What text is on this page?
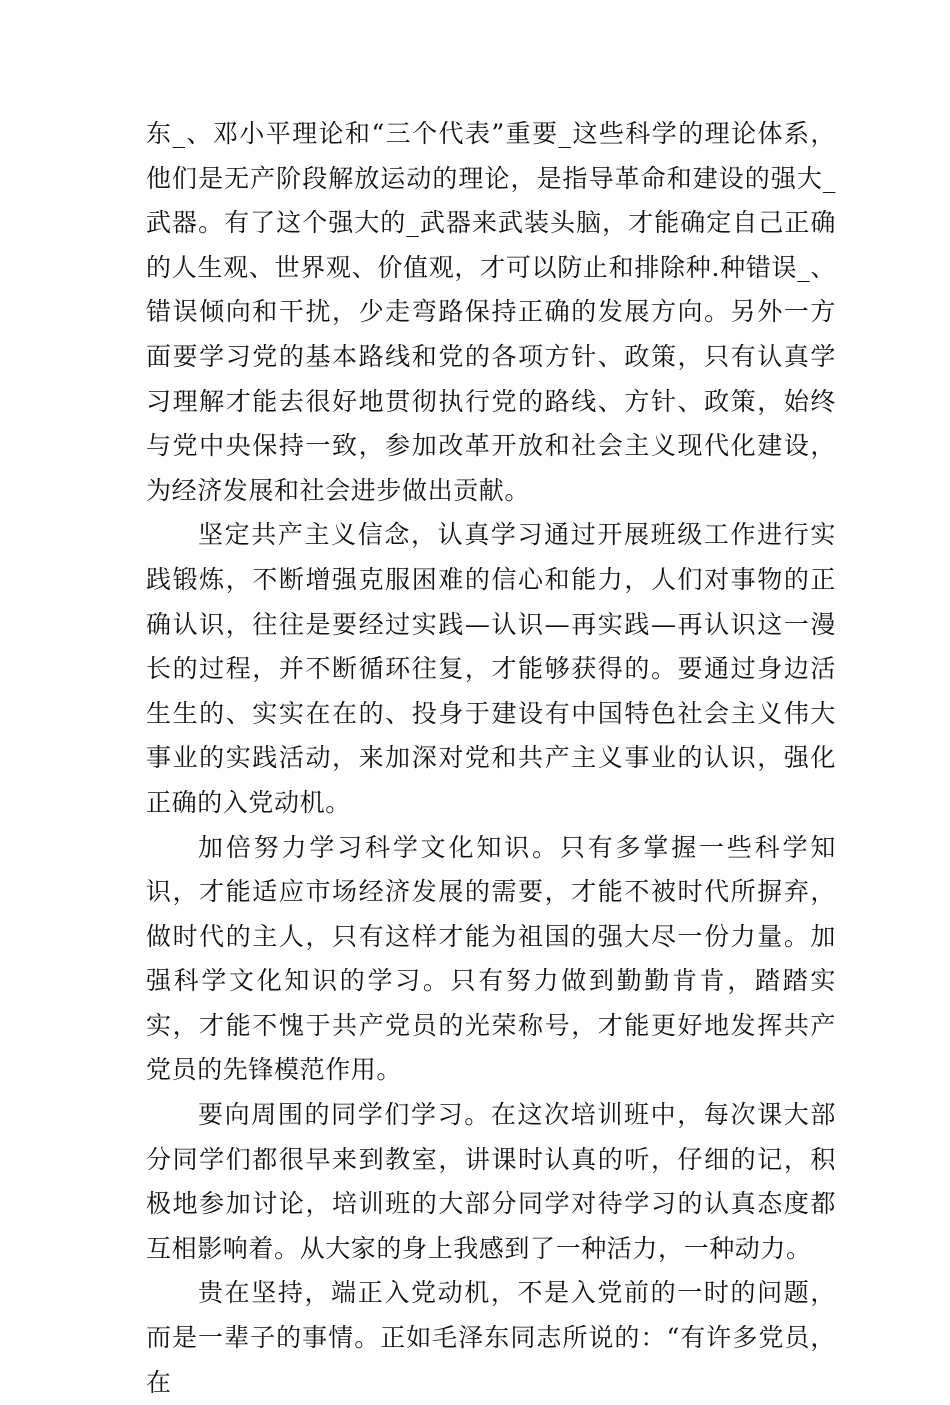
东_、邓小平理论和“三个代表”重要_这些科学的理论体系，他们是无产阶段解放运动的理论，是指导革命和建设的强大_武器。有了这个强大的_武器来武装头脑，才能确定自己正确的人生观、世界观、价值观，才可以防止和排除种.种错误_、错误倾向和干扰，少走弯路保持正确的发展方向。另外一方面要学习党的基本路线和党的各项方针、政策，只有认真学习理解才能去很好地贯彻执行党的路线、方针、政策，始终与党中央保持一致，参加改革开放和社会主义现代化建设，为经济发展和社会进步做出贡献。

坚定共产主义信念，认真学习通过开展班级工作进行实践锻炼，不断增强克服困难的信心和能力，人们对事物的正确认识，往往是要经过实践—认识—再实践—再认识这一漫长的过程，并不断循环往复，才能够获得的。要通过身边活生生的、实实在在的、投身于建设有中国特色社会主义伟大事业的实践活动，来加深对党和共产主义事业的认识，强化正确的入党动机。

加倍努力学习科学文化知识。只有多掌握一些科学知识，才能适应市场经济发展的需要，才能不被时代所摒弃，做时代的主人，只有这样才能为祖国的强大尽一份力量。加强科学文化知识的学习。只有努力做到勤勤肯肯，踏踏实实，才能不愧于共产党员的光荣称号，才能更好地发挥共产党员的先锋模范作用。

要向周围的同学们学习。在这次培训班中，每次课大部分同学们都很早来到教室，讲课时认真的听，仔细的记，积极地参加讨论，培训班的大部分同学对待学习的认真态度都互相影响着。从大家的身上我感到了一种活力，一种动力。

贵在坚持，端正入党动机，不是入党前的一时的问题，而是一辈子的事情。正如毛泽东同志所说的：“有许多党员，在
